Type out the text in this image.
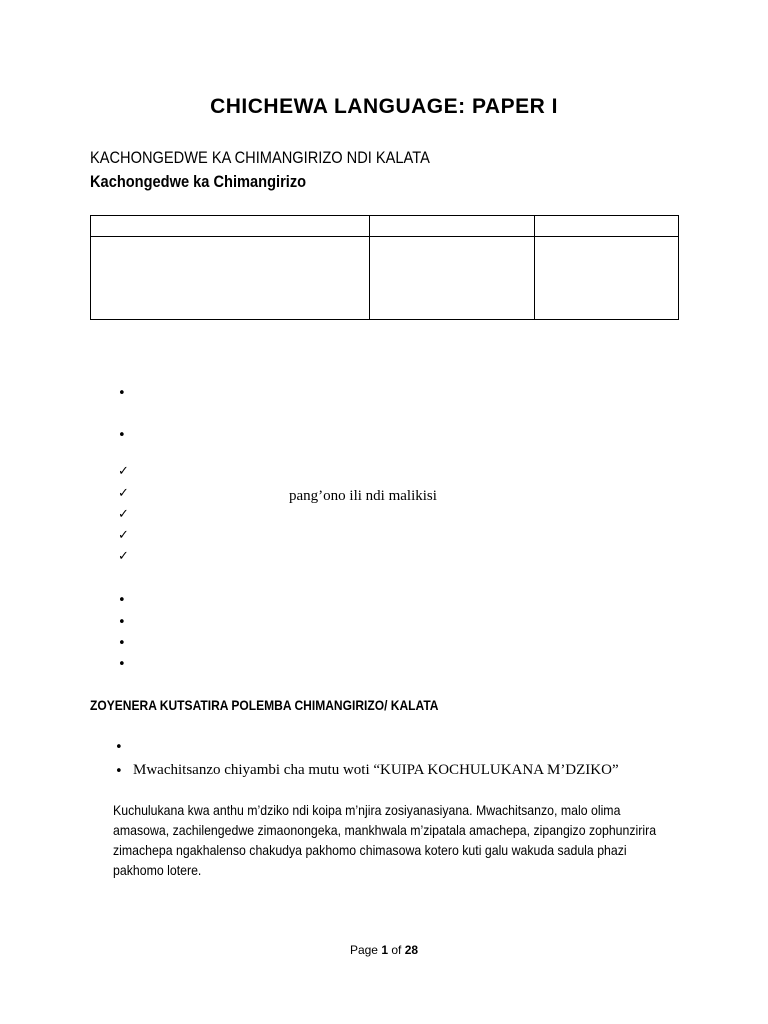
CHICHEWA LANGUAGE: PAPER I
KACHONGEDWE KA CHIMANGIRIZO NDI KALATA
Kachongedwe ka Chimangirizo

•
•
✓
✓
✓
✓
✓
pang’ono ili ndi malikisi
•
•
•
•
ZOYENERA KUTSATIRA POLEMBA CHIMANGIRIZO/ KALATA
•
• Mwachitsanzo chiyambi cha mutu woti “KUIPA KOCHULUKANA M’DZIKO”
Kuchulukana kwa anthu m’dziko ndi koipa m’njira zosiyanasiyana. Mwachitsanzo, malo olima
amasowa, zachilengedwe zimaonongeka, mankhwala m’zipatala amachepa, zipangizo zophunzirira
zimachepa ngakhalenso chakudya pakhomo chimasowa kotero kuti galu wakuda sadula phazi
pakhomo lotere.
Page 1 of 28
